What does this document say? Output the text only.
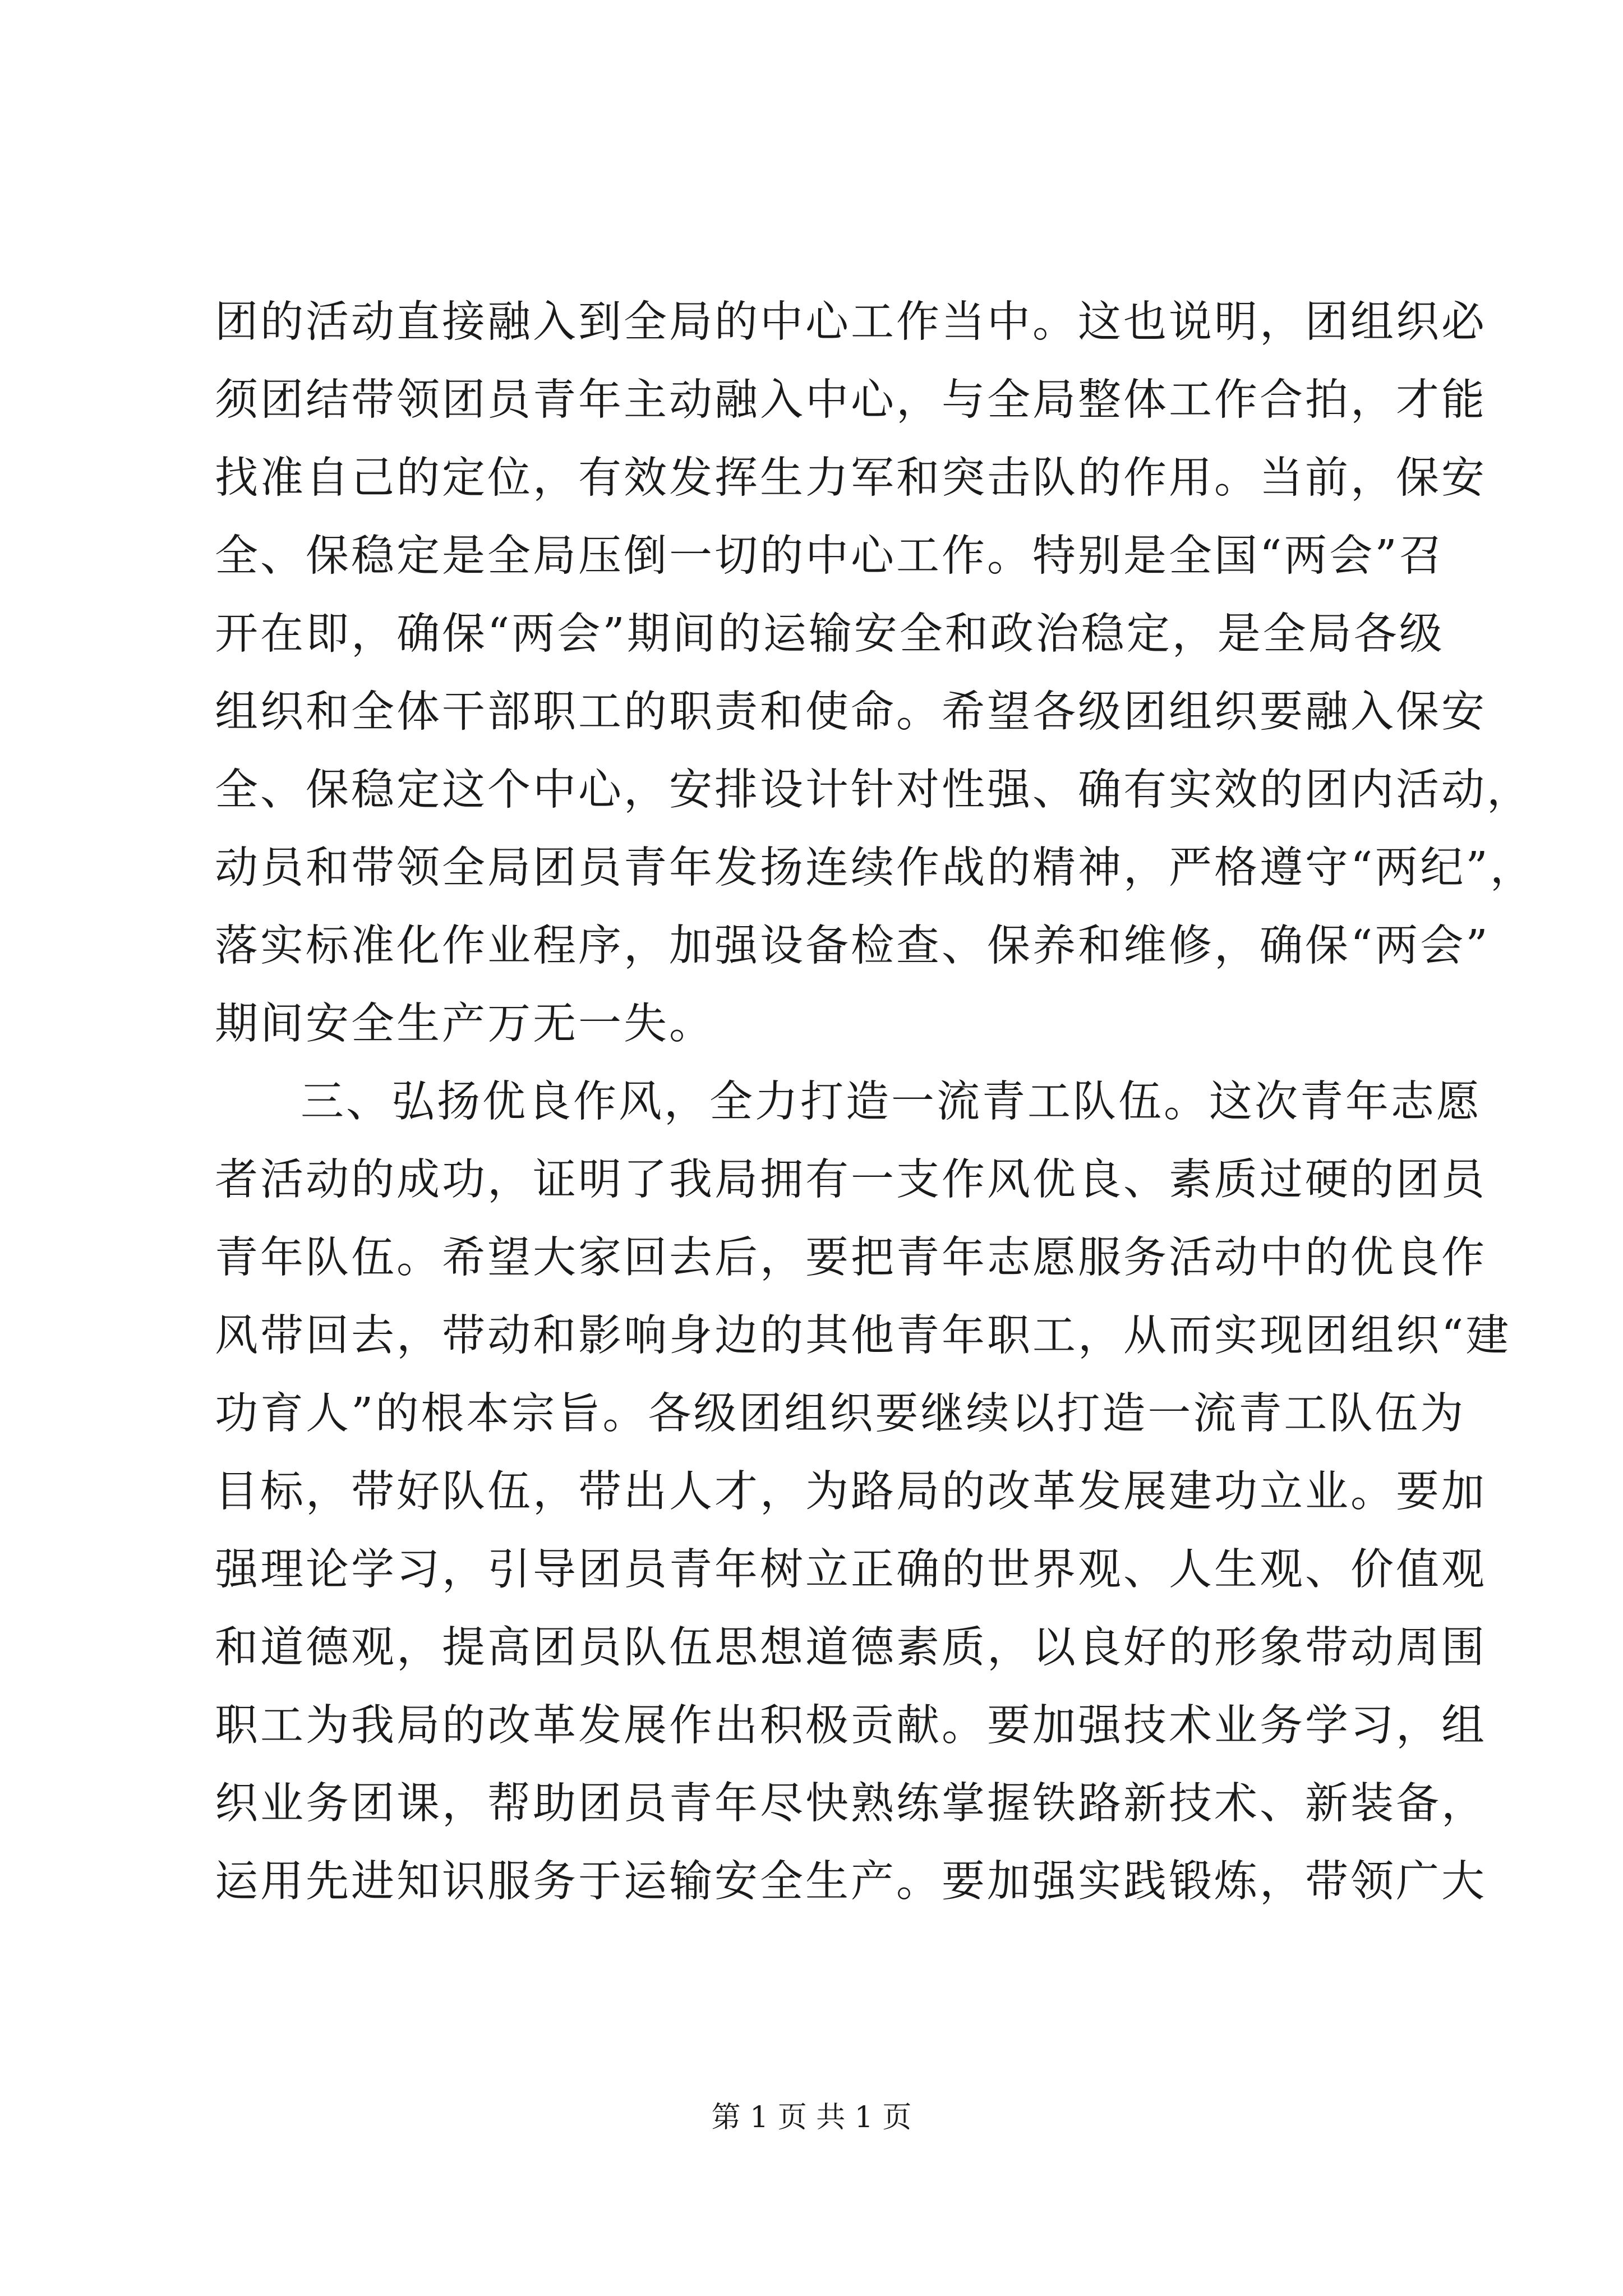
团的活动直接融入到全局的中心工作当中。这也说明，团组织必
须团结带领团员青年主动融入中心，与全局整体工作合拍，才能
找准自己的定位，有效发挥生力军和突击队的作用。当前，保安
全、保稳定是全局压倒一切的中心工作。特别是全国“两会”召
开在即，确保“两会”期间的运输安全和政治稳定，是全局各级
组织和全体干部职工的职责和使命。希望各级团组织要融入保安
全、保稳定这个中心，安排设计针对性强、确有实效的团内活动，
动员和带领全局团员青年发扬连续作战的精神，严格遵守“两纪”，
落实标准化作业程序，加强设备检查、保养和维修，确保“两会”
期间安全生产万无一失。
三、弘扬优良作风，全力打造一流青工队伍。这次青年志愿
者活动的成功，证明了我局拥有一支作风优良、素质过硬的团员
青年队伍。希望大家回去后，要把青年志愿服务活动中的优良作
风带回去，带动和影响身边的其他青年职工，从而实现团组织“建
功育人”的根本宗旨。各级团组织要继续以打造一流青工队伍为
目标，带好队伍，带出人才，为路局的改革发展建功立业。要加
强理论学习，引导团员青年树立正确的世界观、人生观、价值观
和道德观，提高团员队伍思想道德素质，以良好的形象带动周围
职工为我局的改革发展作出积极贡献。要加强技术业务学习，组
织业务团课，帮助团员青年尽快熟练掌握铁路新技术、新装备，
运用先进知识服务于运输安全生产。要加强实践锻炼，带领广大
第 1 页 共 1 页
